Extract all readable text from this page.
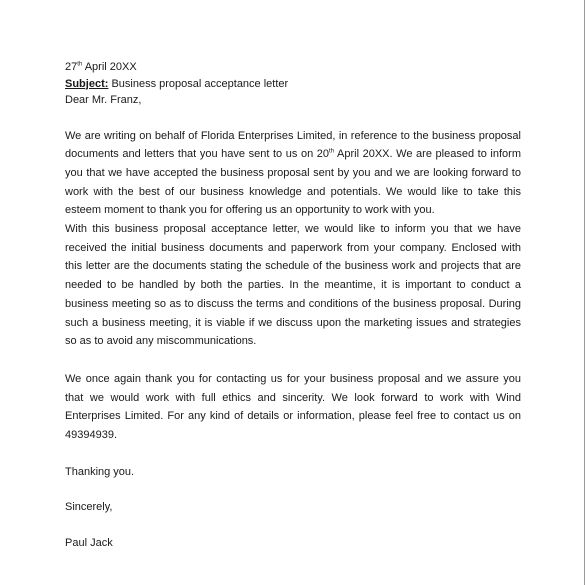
27th April 20XX

Subject: Business proposal acceptance letter

Dear Mr. Franz,

We are writing on behalf of Florida Enterprises Limited, in reference to the business proposal documents and letters that you have sent to us on 20th April 20XX. We are pleased to inform you that we have accepted the business proposal sent by you and we are looking forward to work with the best of our business knowledge and potentials. We would like to take this esteem moment to thank you for offering us an opportunity to work with you.

With this business proposal acceptance letter, we would like to inform you that we have received the initial business documents and paperwork from your company. Enclosed with this letter are the documents stating the schedule of the business work and projects that are needed to be handled by both the parties. In the meantime, it is important to conduct a business meeting so as to discuss the terms and conditions of the business proposal. During such a business meeting, it is viable if we discuss upon the marketing issues and strategies so as to avoid any miscommunications.

We once again thank you for contacting us for your business proposal and we assure you that we would work with full ethics and sincerity. We look forward to work with Wind Enterprises Limited. For any kind of details or information, please feel free to contact us on 49394939.

Thanking you.

Sincerely,

Paul Jack
